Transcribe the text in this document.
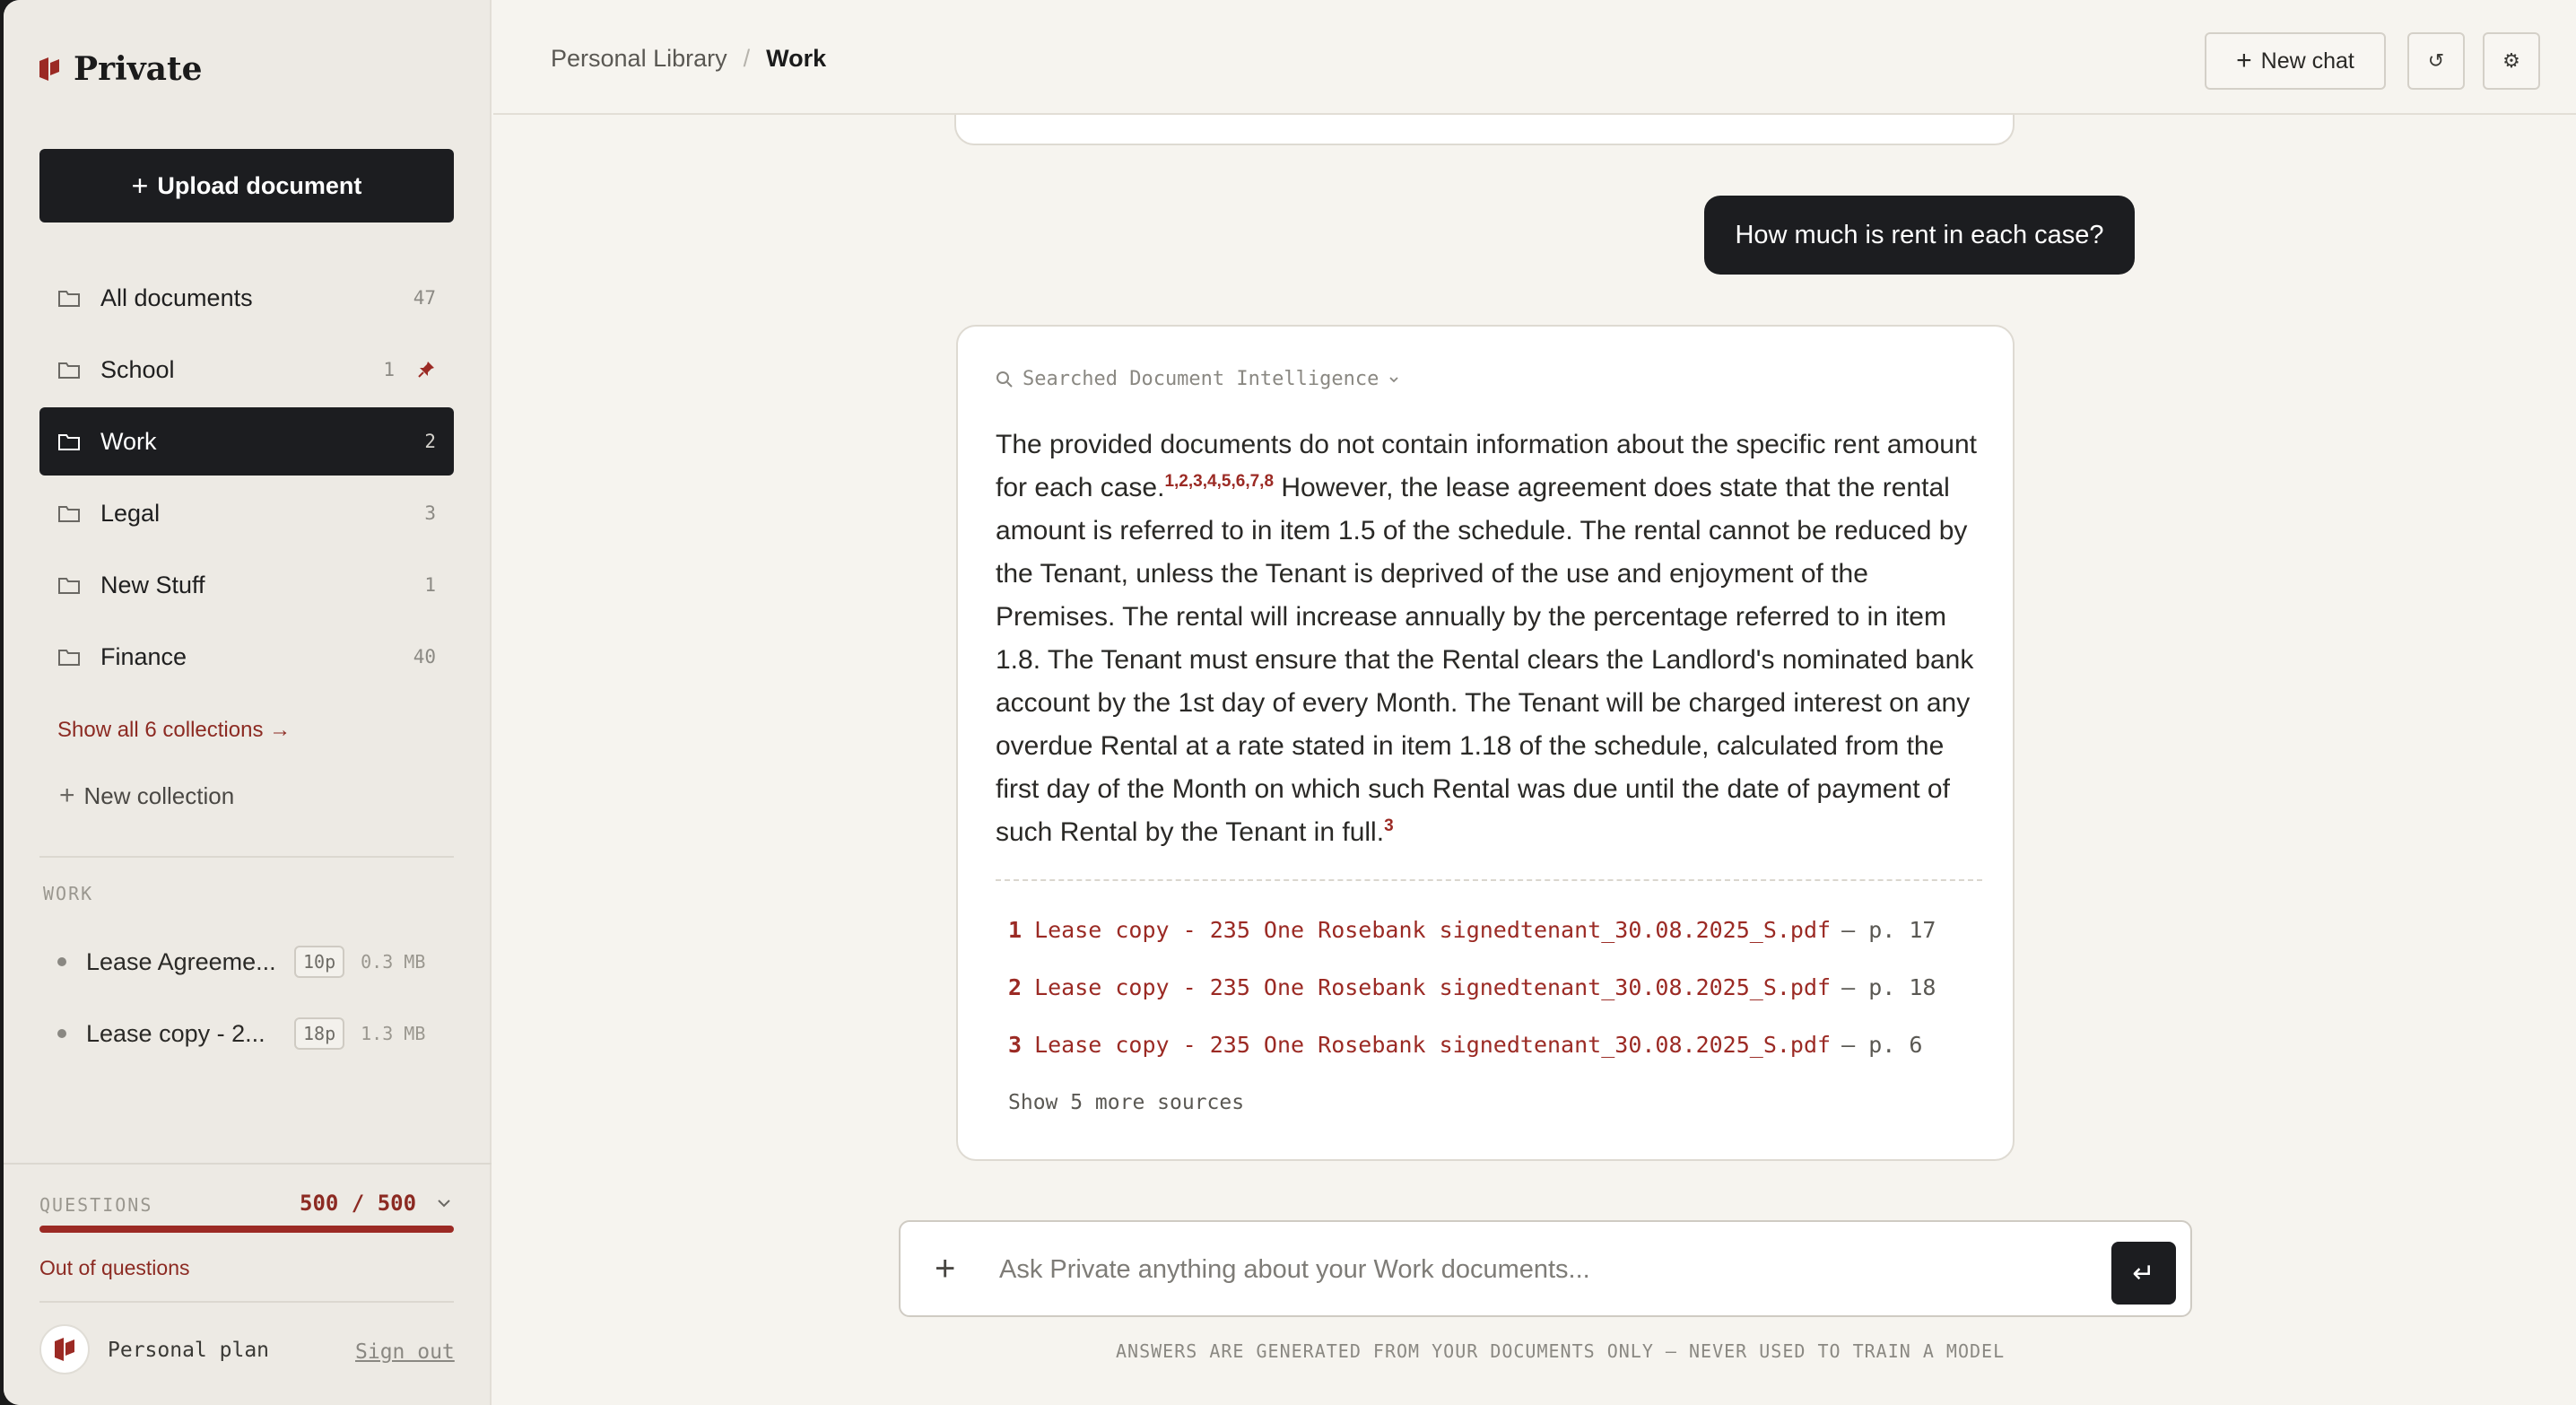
Private
+ Upload document
All documents	47
School	1
Work	2
Legal	3
New Stuff	1
Finance	40
Show all 6 collections →
+ New collection
WORK
Lease Agreeme...	10p	0.3 MB
Lease copy - 2...	18p	1.3 MB
QUESTIONS	500 / 500
Out of questions
Personal plan	Sign out
Personal Library / Work	+ New chat	↺	⚙
How much is rent in each case?
Searched Document Intelligence
The provided documents do not contain information about the specific rent amount for each case.$^{1,2,3,4,5,6,7,8}$ However, the lease agreement does state that the rental amount is referred to in item 1.5 of the schedule. The rental cannot be reduced by the Tenant, unless the Tenant is deprived of the use and enjoyment of the Premises. The rental will increase annually by the percentage referred to in item 1.8. The Tenant must ensure that the Rental clears the Landlord's nominated bank account by the 1st day of every Month. The Tenant will be charged interest on any overdue Rental at a rate stated in item 1.18 of the schedule, calculated from the first day of the Month on which such Rental was due until the date of payment of such Rental by the Tenant in full.$^3$
1 Lease copy - 235 One Rosebank signedtenant_30.08.2025_S.pdf — p. 17
2 Lease copy - 235 One Rosebank signedtenant_30.08.2025_S.pdf — p. 18
3 Lease copy - 235 One Rosebank signedtenant_30.08.2025_S.pdf — p. 6
Show 5 more sources
+
Ask Private anything about your Work documents...	↵
ANSWERS ARE GENERATED FROM YOUR DOCUMENTS ONLY — NEVER USED TO TRAIN A MODEL
